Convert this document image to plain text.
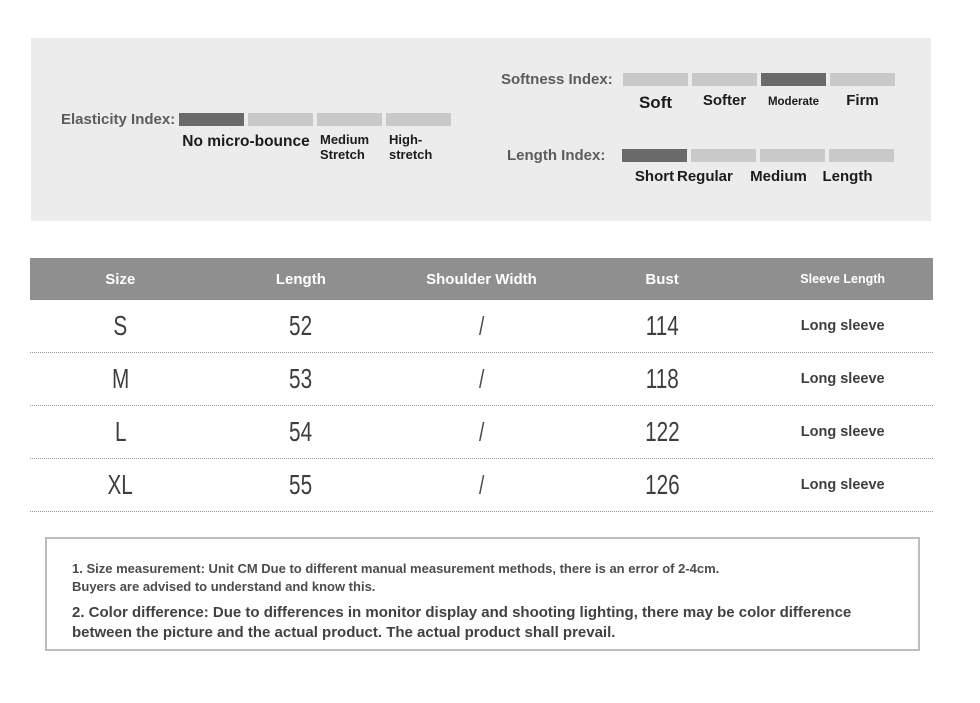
Elasticity Index:
No micro-bounce Medium
Stretch
High-
stretch
Softness Index:
Soft	Softer	Moderate	Firm
Length Index:
Short Regular	Medium	Length
Size	Length	Shoulder Width	Bust	Sleeve Length
S	52	/	114	Long sleeve
M	53	/	118	Long sleeve
L	54	/	122	Long sleeve
XL	55	/	126	Long sleeve

1. Size measurement: Unit CM Due to different manual measurement methods, there is an error of 2-4cm.
Buyers are advised to understand and know this.

2. Color difference: Due to differences in monitor display and shooting lighting, there may be color difference between the picture and the actual product. The actual product shall prevail.
